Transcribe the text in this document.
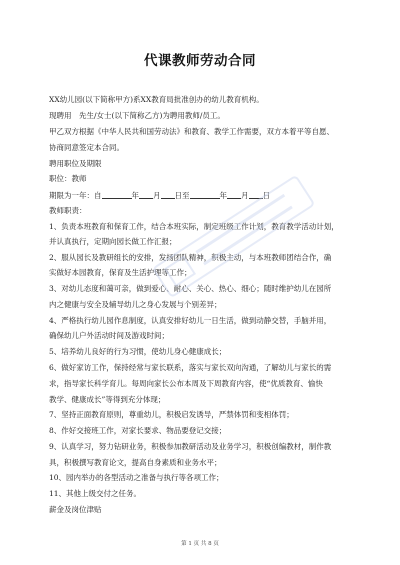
代课教师劳动合同
XX幼儿园(以下简称甲方)系XX教育局批准创办的幼儿教育机构。
现聘用　先生/女士(以下简称乙方)为聘用教师/员工。
甲乙双方根据《中华人民共和国劳动法》和教育、教学工作需要，双方本着平等自愿、
协商同意签定本合同。
聘用职位及期限
职位：教师
期限为一年：自	年 月 日至	年 月 日
教师职责：
1、负责本班教育和保育工作，结合本班实际，制定班级工作计划，教育教学活动计划，
并认真执行，定期向园长做工作汇报；
2、服从园长及教研组长的安排，发扬团队精神，积极主动，与本班教师团结合作，确
实做好本园教育，保育及生活护理等工作；
3、对幼儿态度和蔼可亲，做到爱心、耐心、关心、热心、细心；随时维护幼儿在园所
内之健康与安全及辅导幼儿之身心发展与个别差异；
4、严格执行幼儿园作息制度，认真安排好幼儿一日生活，做到动静交替，手脑并用，
确保幼儿户外活动时间及游戏时间；
5、培养幼儿良好的行为习惯，使幼儿身心健康成长；
6、做好家访工作，保持经常与家长联系，落实与家长双向沟通，了解幼儿与家长的需
求，指导家长科学育儿。每周向家长公布本周及下周教育内容，使“优质教育、愉快
教学、健康成长”等得到充分体现；
7、坚持正面教育原则，尊重幼儿，积极启发诱导，严禁体罚和变相体罚；
8、作好交接班工作，对家长要求、物品要登记交接；
9、认真学习，努力钻研业务，积极参加教研活动及业务学习，积极创编教材，制作教
具，积极撰写教育论文，提高自身素质和业务水平；
10、园内举办的各型活动之准备与执行等各项工作；
11、其他上级交付之任务。
薪金及岗位津贴
第 1 页 共 8 页
